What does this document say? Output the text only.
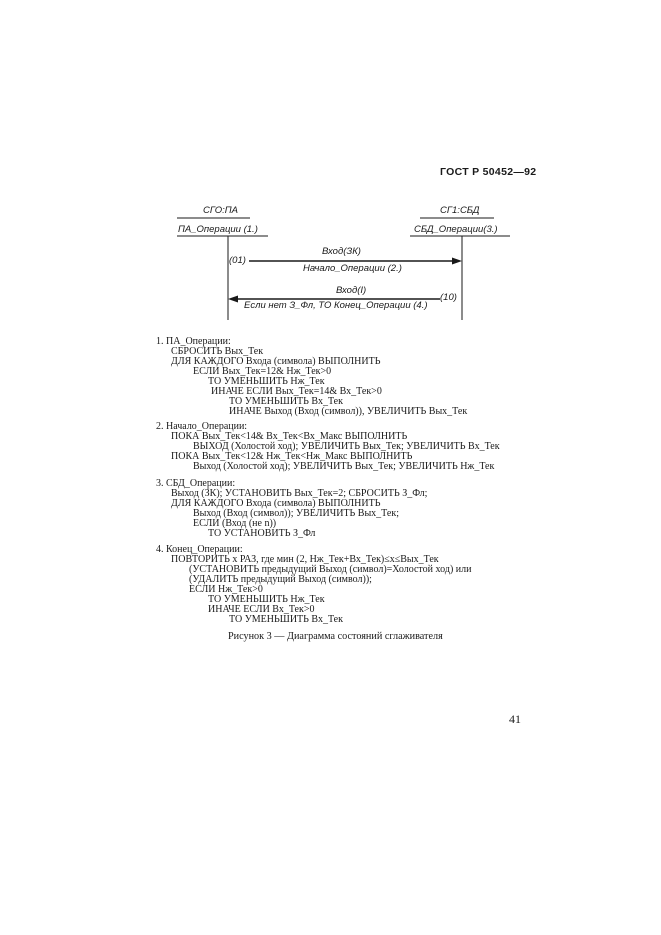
ГОСТ Р 50452—92
СГО:ПА
ПА_Операции (1.)
СГ1:СБД
СБД_Операции(3.)
Вход(ЗК)
Начало_Операции (2.)
(01)
Вход(I)
Если нет З_Фл, ТО Конец_Операции (4.)
(10)
1. ПА_Операции:
СБРОСИТЬ Вых_Тек
ДЛЯ КАЖДОГО Входа (символа) ВЫПОЛНИТЬ
ЕСЛИ Вых_Тек=12& Нж_Тек>0
ТО УМЕНЬШИТЬ Нж_Тек
ИНАЧЕ ЕСЛИ Вых_Тек=14& Вх_Тек>0
ТО УМЕНЬШИТЬ Вх_Тек
ИНАЧЕ Выход (Вход (символ)), УВЕЛИЧИТЬ Вых_Тек
2. Начало_Операции:
ПОКА Вых_Тек<14& Вх_Тек<Вх_Макс ВЫПОЛНИТЬ
ВЫХОД (Холостой ход); УВЕЛИЧИТЬ Вых_Тек; УВЕЛИЧИТЬ Вх_Тек
ПОКА Вых_Тек<12& Нж_Тек<Нж_Макс ВЫПОЛНИТЬ
Выход (Холостой ход); УВЕЛИЧИТЬ Вых_Тек; УВЕЛИЧИТЬ Нж_Тек
3. СБД_Операции:
Выход (ЗК); УСТАНОВИТЬ Вых_Тек=2; СБРОСИТЬ З_Фл;
ДЛЯ КАЖДОГО Входа (символа) ВЫПОЛНИТЬ
Выход (Вход (символ)); УВЕЛИЧИТЬ Вых_Тек;
ЕСЛИ (Вход (не n))
ТО УСТАНОВИТЬ З_Фл
4. Конец_Операции:
ПОВТОРИТЬ x РАЗ, где мин (2, Нж_Тек+Вх_Тек)≤x≤Вых_Тек
(УСТАНОВИТЬ предыдущий Выход (символ)=Холостой ход) или
(УДАЛИТЬ предыдущий Выход (символ));
ЕСЛИ Нж_Тек>0
ТО УМЕНЬШИТЬ Нж_Тек
ИНАЧЕ ЕСЛИ Вх_Тек>0
ТО УМЕНЬШИТЬ Вх_Тек
Рисунок 3 — Диаграмма состояний сглаживателя
41
